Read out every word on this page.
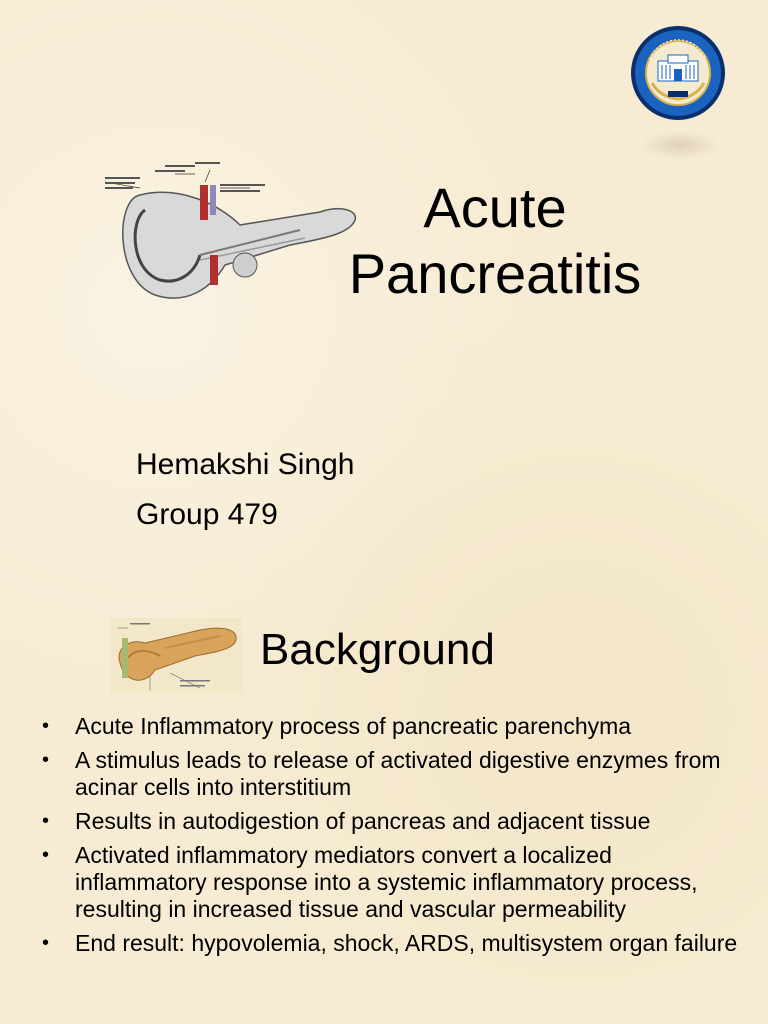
Acute
Pancreatitis
Hemakshi Singh
Group 479
Background
• Acute Inflammatory process of pancreatic parenchyma
• A stimulus leads to release of activated digestive enzymes from acinar cells into interstitium
• Results in autodigestion of pancreas and adjacent tissue
• Activated inflammatory mediators convert a localized inflammatory response into a systemic inflammatory process, resulting in increased tissue and vascular permeability
• End result: hypovolemia, shock, ARDS, multisystem organ failure
